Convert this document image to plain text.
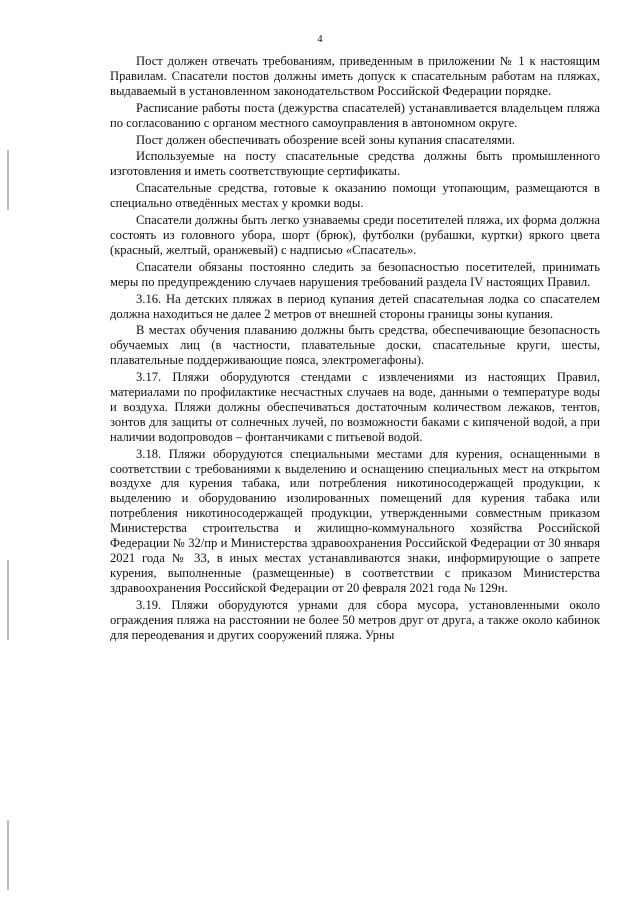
4

Пост должен отвечать требованиям, приведенным в приложении № 1 к настоящим Правилам. Спасатели постов должны иметь допуск к спасательным работам на пляжах, выдаваемый в установленном законодательством Российской Федерации порядке.

Расписание работы поста (дежурства спасателей) устанавливается владельцем пляжа по согласованию с органом местного самоуправления в автономном округе.

Пост должен обеспечивать обозрение всей зоны купания спасателями.

Используемые на посту спасательные средства должны быть промышленного изготовления и иметь соответствующие сертификаты.

Спасательные средства, готовые к оказанию помощи утопающим, размещаются в специально отведённых местах у кромки воды.

Спасатели должны быть легко узнаваемы среди посетителей пляжа, их форма должна состоять из головного убора, шорт (брюк), футболки (рубашки, куртки) яркого цвета (красный, желтый, оранжевый) с надписью «Спасатель».

Спасатели обязаны постоянно следить за безопасностью посетителей, принимать меры по предупреждению случаев нарушения требований раздела IV настоящих Правил.

3.16. На детских пляжах в период купания детей спасательная лодка со спасателем должна находиться не далее 2 метров от внешней стороны границы зоны купания.

В местах обучения плаванию должны быть средства, обеспечивающие безопасность обучаемых лиц (в частности, плавательные доски, спасательные круги, шесты, плавательные поддерживающие пояса, электромегафоны).

3.17. Пляжи оборудуются стендами с извлечениями из настоящих Правил, материалами по профилактике несчастных случаев на воде, данными о температуре воды и воздуха. Пляжи должны обеспечиваться достаточным количеством лежаков, тентов, зонтов для защиты от солнечных лучей, по возможности баками с кипяченой водой, а при наличии водопроводов – фонтанчиками с питьевой водой.

3.18. Пляжи оборудуются специальными местами для курения, оснащенными в соответствии с требованиями к выделению и оснащению специальных мест на открытом воздухе для курения табака, или потребления никотиносодержащей продукции, к выделению и оборудованию изолированных помещений для курения табака или потребления никотиносодержащей продукции, утвержденными совместным приказом Министерства строительства и жилищно-коммунального хозяйства Российской Федерации № 32/пр и Министерства здравоохранения Российской Федерации от 30 января 2021 года № 33, в иных местах устанавливаются знаки, информирующие о запрете курения, выполненные (размещенные) в соответствии с приказом Министерства здравоохранения Российской Федерации от 20 февраля 2021 года № 129н.

3.19. Пляжи оборудуются урнами для сбора мусора, установленными около ограждения пляжа на расстоянии не более 50 метров друг от друга, а также около кабинок для переодевания и других сооружений пляжа. Урны
